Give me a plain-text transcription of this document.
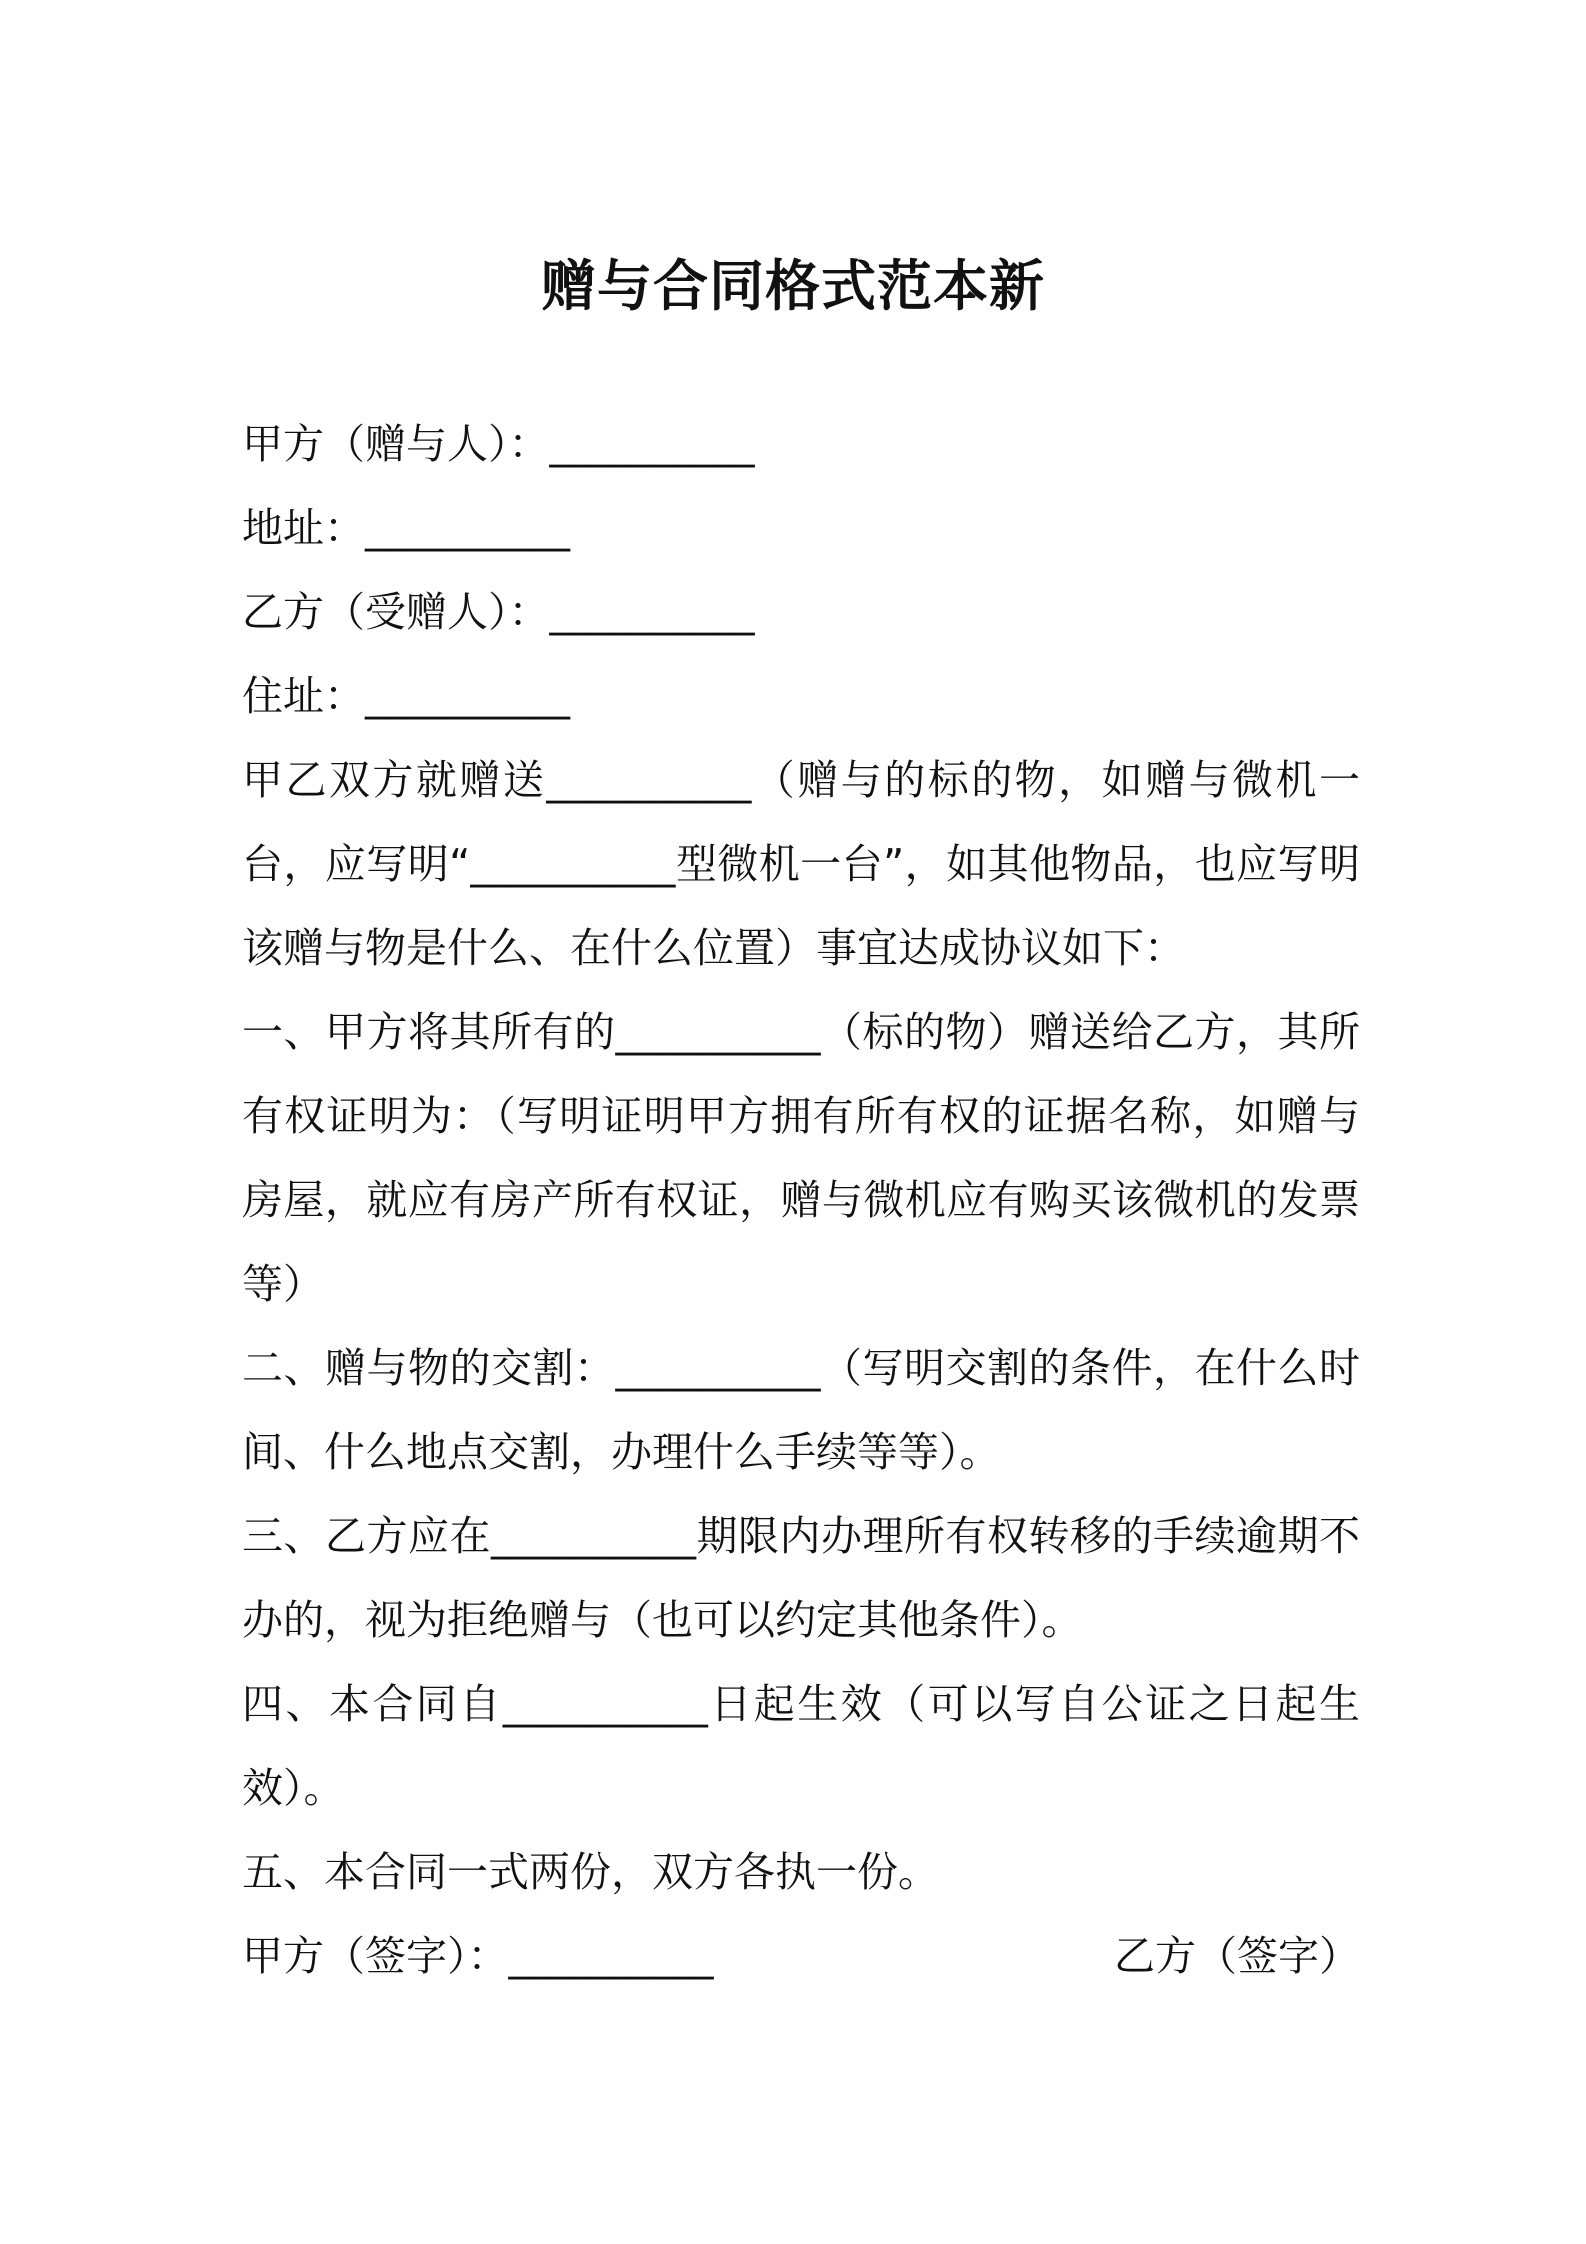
赠与合同格式范本新
甲方（赠与人）：__________
地址：__________
乙方（受赠人）：__________
住址：__________
甲乙双方就赠送__________（赠与的标的物，如赠与微机一台，应写明“__________型微机一台”，如其他物品，也应写明该赠与物是什么、在什么位置）事宜达成协议如下：
一、甲方将其所有的__________（标的物）赠送给乙方，其所有权证明为：（写明证明甲方拥有所有权的证据名称，如赠与房屋，就应有房产所有权证，赠与微机应有购买该微机的发票等）
二、赠与物的交割：__________（写明交割的条件，在什么时间、什么地点交割，办理什么手续等等）。
三、乙方应在__________期限内办理所有权转移的手续逾期不办的，视为拒绝赠与（也可以约定其他条件）。
四、本合同自__________日起生效（可以写自公证之日起生效）。
五、本合同一式两份，双方各执一份。
甲方（签字）：__________	乙方（签字）
